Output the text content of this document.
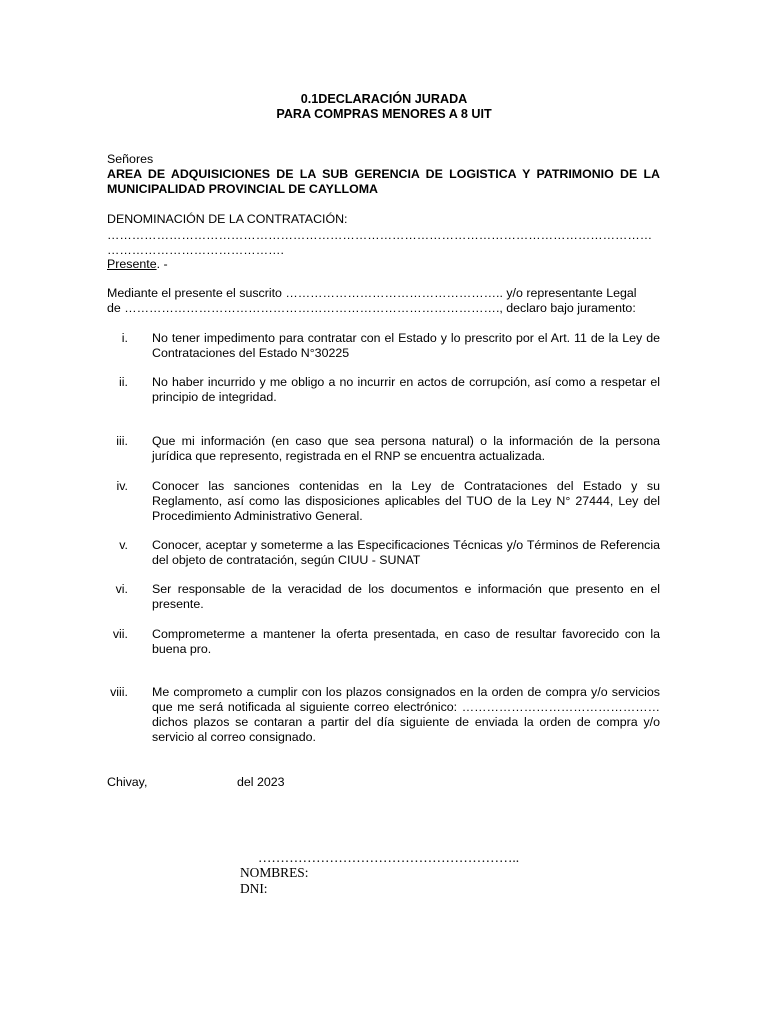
0.1DECLARACIÓN JURADA
PARA COMPRAS MENORES A 8 UIT
Señores
AREA DE ADQUISICIONES DE LA SUB GERENCIA DE LOGISTICA Y PATRIMONIO DE LA
MUNICIPALIDAD PROVINCIAL DE CAYLLOMA
DENOMINACIÓN DE LA CONTRATACIÓN:
……………………………………………………………………………………………………………………
…………………………………….
Presente. -
Mediante el presente el suscrito …………………………………………….. y/o representante Legal
de ………………………………………………………………………………., declaro bajo juramento:
i. No tener impedimento para contratar con el Estado y lo prescrito por el Art. 11 de la Ley de Contrataciones del Estado N°30225
ii. No haber incurrido y me obligo a no incurrir en actos de corrupción, así como a respetar el principio de integridad.
iii. Que mi información (en caso que sea persona natural) o la información de la persona jurídica que represento, registrada en el RNP se encuentra actualizada.
iv. Conocer las sanciones contenidas en la Ley de Contrataciones del Estado y su Reglamento, así como las disposiciones aplicables del TUO de la Ley N° 27444, Ley del Procedimiento Administrativo General.
v. Conocer, aceptar y someterme a las Especificaciones Técnicas y/o Términos de Referencia del objeto de contratación, según CIUU - SUNAT
vi. Ser responsable de la veracidad de los documentos e información que presento en el presente.
vii. Comprometerme a mantener la oferta presentada, en caso de resultar favorecido con la buena pro.
viii. Me comprometo a cumplir con los plazos consignados en la orden de compra y/o servicios que me será notificada al siguiente correo electrónico: …………………………………………dichos plazos se contaran a partir del día siguiente de enviada la orden de compra y/o servicio al correo consignado.
Chivay,	del 2023
…………………………………………………..
NOMBRES:
DNI:
